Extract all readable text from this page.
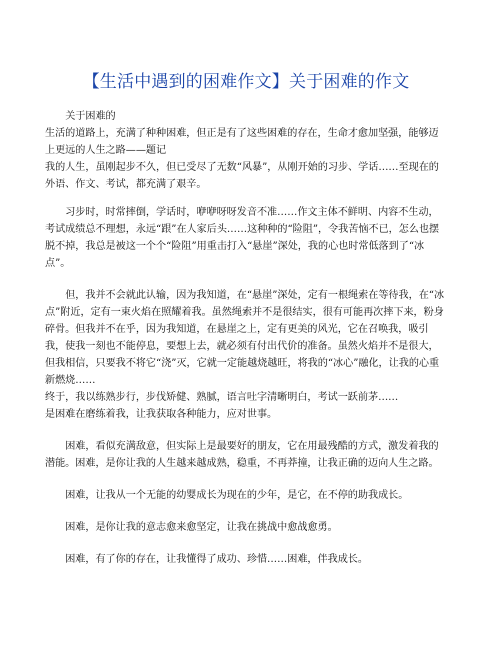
【生活中遇到的困难作文】关于困难的作文

关于困难的

生活的道路上，充满了种种困难，但正是有了这些困难的存在，生命才愈加坚强，能够迈上更远的人生之路——题记

我的人生，虽刚起步不久，但已受尽了无数“风暴”，从刚开始的习步、学话……至现在的外语、作文、考试，都充满了艰辛。

习步时，时常摔倒，学话时，咿咿呀呀发音不准……作文主体不鲜明、内容不生动，考试成绩总不理想，永远“跟”在人家后头……这种种的“险阻”，令我苦恼不已，怎么也摆脱不掉，我总是被这一个个“险阻”用重击打入“悬崖”深处，我的心也时常低落到了“冰点”。

但，我并不会就此认输，因为我知道，在“悬崖”深处，定有一根绳索在等待我，在“冰点”附近，定有一束火焰在照耀着我。虽然绳索并不是很结实，很有可能再次摔下来，粉身碎骨。但我并不在乎，因为我知道，在悬崖之上，定有更美的风光，它在召唤我，吸引我，使我一刻也不能停息，要想上去，就必须有付出代价的准备。虽然火焰并不是很大，但我相信，只要我不将它“浇”灭，它就一定能越烧越旺，将我的“冰心”融化，让我的心重新燃烧……

终于，我以练熟步行，步伐矫健、熟腻，语言吐字清晰明白，考试一跃前茅……

是困难在磨练着我，让我获取各种能力，应对世事。

困难，看似充满敌意，但实际上是最要好的朋友，它在用最残酷的方式，激发着我的潜能。困难，是你让我的人生越来越成熟，稳重，不再莽撞，让我正确的迈向人生之路。

困难，让我从一个无能的幼婴成长为现在的少年，是它，在不停的助我成长。

困难，是你让我的意志愈来愈坚定，让我在挑战中愈战愈勇。

困难，有了你的存在，让我懂得了成功、珍惜……困难，伴我成长。
